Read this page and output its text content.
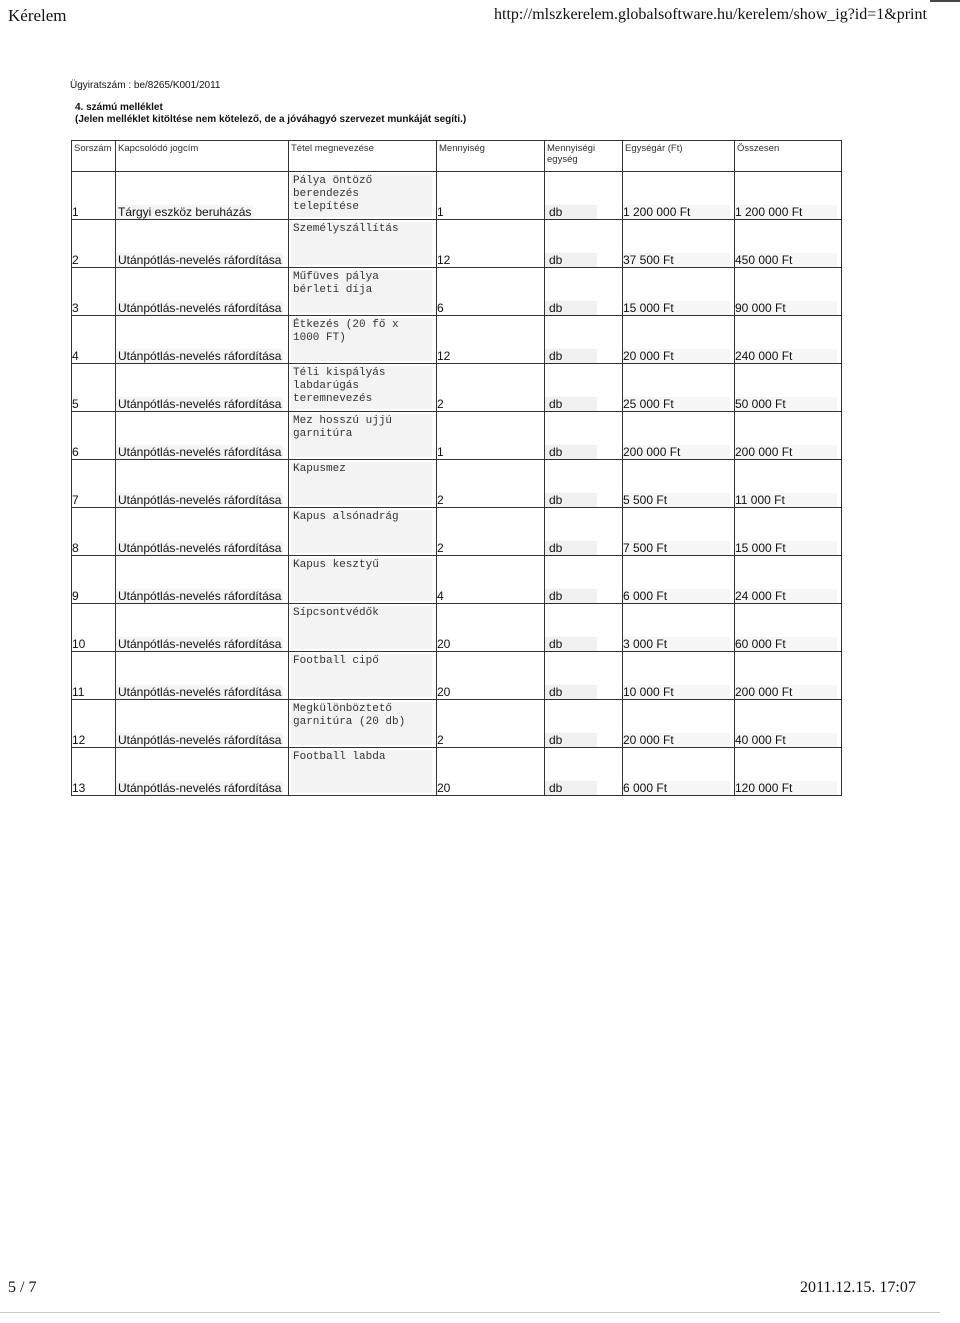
Kérelem	http://mlszkerelem.globalsoftware.hu/kerelem/show_ig?id=1&print
Ügyiratszám : be/8265/K001/2011
4. számú melléklet
(Jelen melléklet kitöltése nem kötelező, de a jóváhagyó szervezet munkáját segíti.)
Sorszám	Kapcsolódó jogcím	Tétel megnevezése	Mennyiség	Mennyiségi egység	Egységár (Ft)	Összesen
1	Tárgyi eszköz beruházás	Pálya öntöző berendezés telepítése	1	db	1 200 000 Ft	1 200 000 Ft
2	Utánpótlás-nevelés ráfordítása	Személyszállítás	12	db	37 500 Ft	450 000 Ft
3	Utánpótlás-nevelés ráfordítása	Műfüves pálya bérleti díja	6	db	15 000 Ft	90 000 Ft
4	Utánpótlás-nevelés ráfordítása	Étkezés (20 fő x 1000 FT)	12	db	20 000 Ft	240 000 Ft
5	Utánpótlás-nevelés ráfordítása	Téli kispályás labdarúgás teremnevezés	2	db	25 000 Ft	50 000 Ft
6	Utánpótlás-nevelés ráfordítása	Mez hosszú ujjú garnitúra	1	db	200 000 Ft	200 000 Ft
7	Utánpótlás-nevelés ráfordítása	Kapusmez	2	db	5 500 Ft	11 000 Ft
8	Utánpótlás-nevelés ráfordítása	Kapus alsónadrág	2	db	7 500 Ft	15 000 Ft
9	Utánpótlás-nevelés ráfordítása	Kapus kesztyű	4	db	6 000 Ft	24 000 Ft
10	Utánpótlás-nevelés ráfordítása	Sípcsontvédők	20	db	3 000 Ft	60 000 Ft
11	Utánpótlás-nevelés ráfordítása	Football cipő	20	db	10 000 Ft	200 000 Ft
12	Utánpótlás-nevelés ráfordítása	Megkülönböztető garnitúra (20 db)	2	db	20 000 Ft	40 000 Ft
13	Utánpótlás-nevelés ráfordítása	Football labda	20	db	6 000 Ft	120 000 Ft
5 / 7	2011.12.15. 17:07
